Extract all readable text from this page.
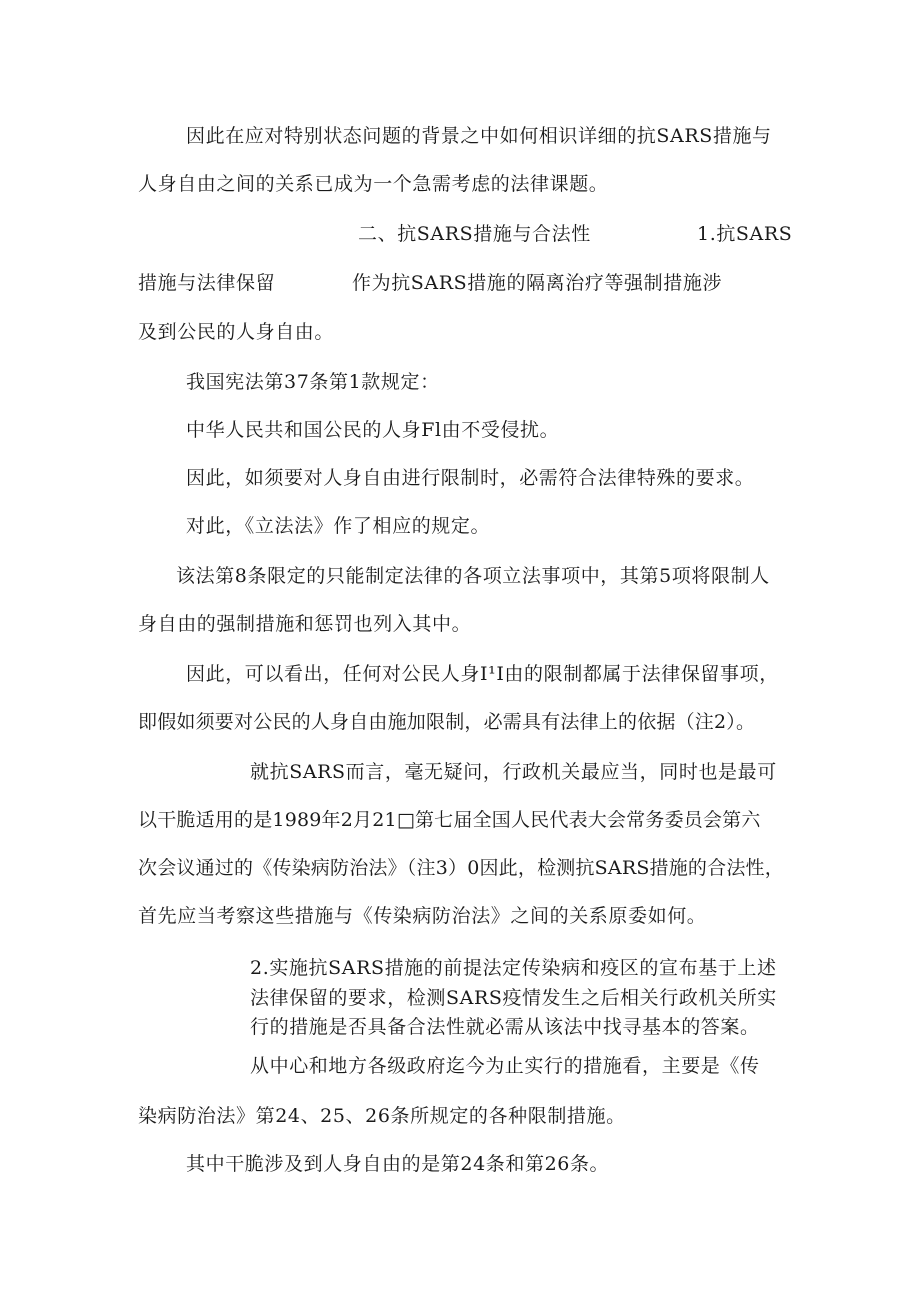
因此在应对特别状态问题的背景之中如何相识详细的抗SARS措施与
人身自由之间的关系已成为一个急需考虑的法律课题。
二、抗SARS措施与合法性	1.抗SARS
措施与法律保留	作为抗SARS措施的隔离治疗等强制措施涉
及到公民的人身自由。
我国宪法第37条第1款规定：
中华人民共和国公民的人身Fl由不受侵扰。
因此，如须要对人身自由进行限制时，必需符合法律特殊的要求。
对此，《立法法》作了相应的规定。
该法第8条限定的只能制定法律的各项立法事项中，其第5项将限制人
身自由的强制措施和惩罚也列入其中。
因此，可以看出，任何对公民人身I¹I由的限制都属于法律保留事项，
即假如须要对公民的人身自由施加限制，必需具有法律上的依据（注2）。
就抗SARS而言，毫无疑问，行政机关最应当，同时也是最可
以干脆适用的是1989年2月21□第七届全国人民代表大会常务委员会第六
次会议通过的《传染病防治法》（注3）0因此，检测抗SARS措施的合法性，
首先应当考察这些措施与《传染病防治法》之间的关系原委如何。
2.实施抗SARS措施的前提法定传染病和疫区的宣布基于上述
法律保留的要求，检测SARS疫情发生之后相关行政机关所实
行的措施是否具备合法性就必需从该法中找寻基本的答案。
从中心和地方各级政府迄今为止实行的措施看，主要是《传
染病防治法》第24、25、26条所规定的各种限制措施。
其中干脆涉及到人身自由的是第24条和第26条。
